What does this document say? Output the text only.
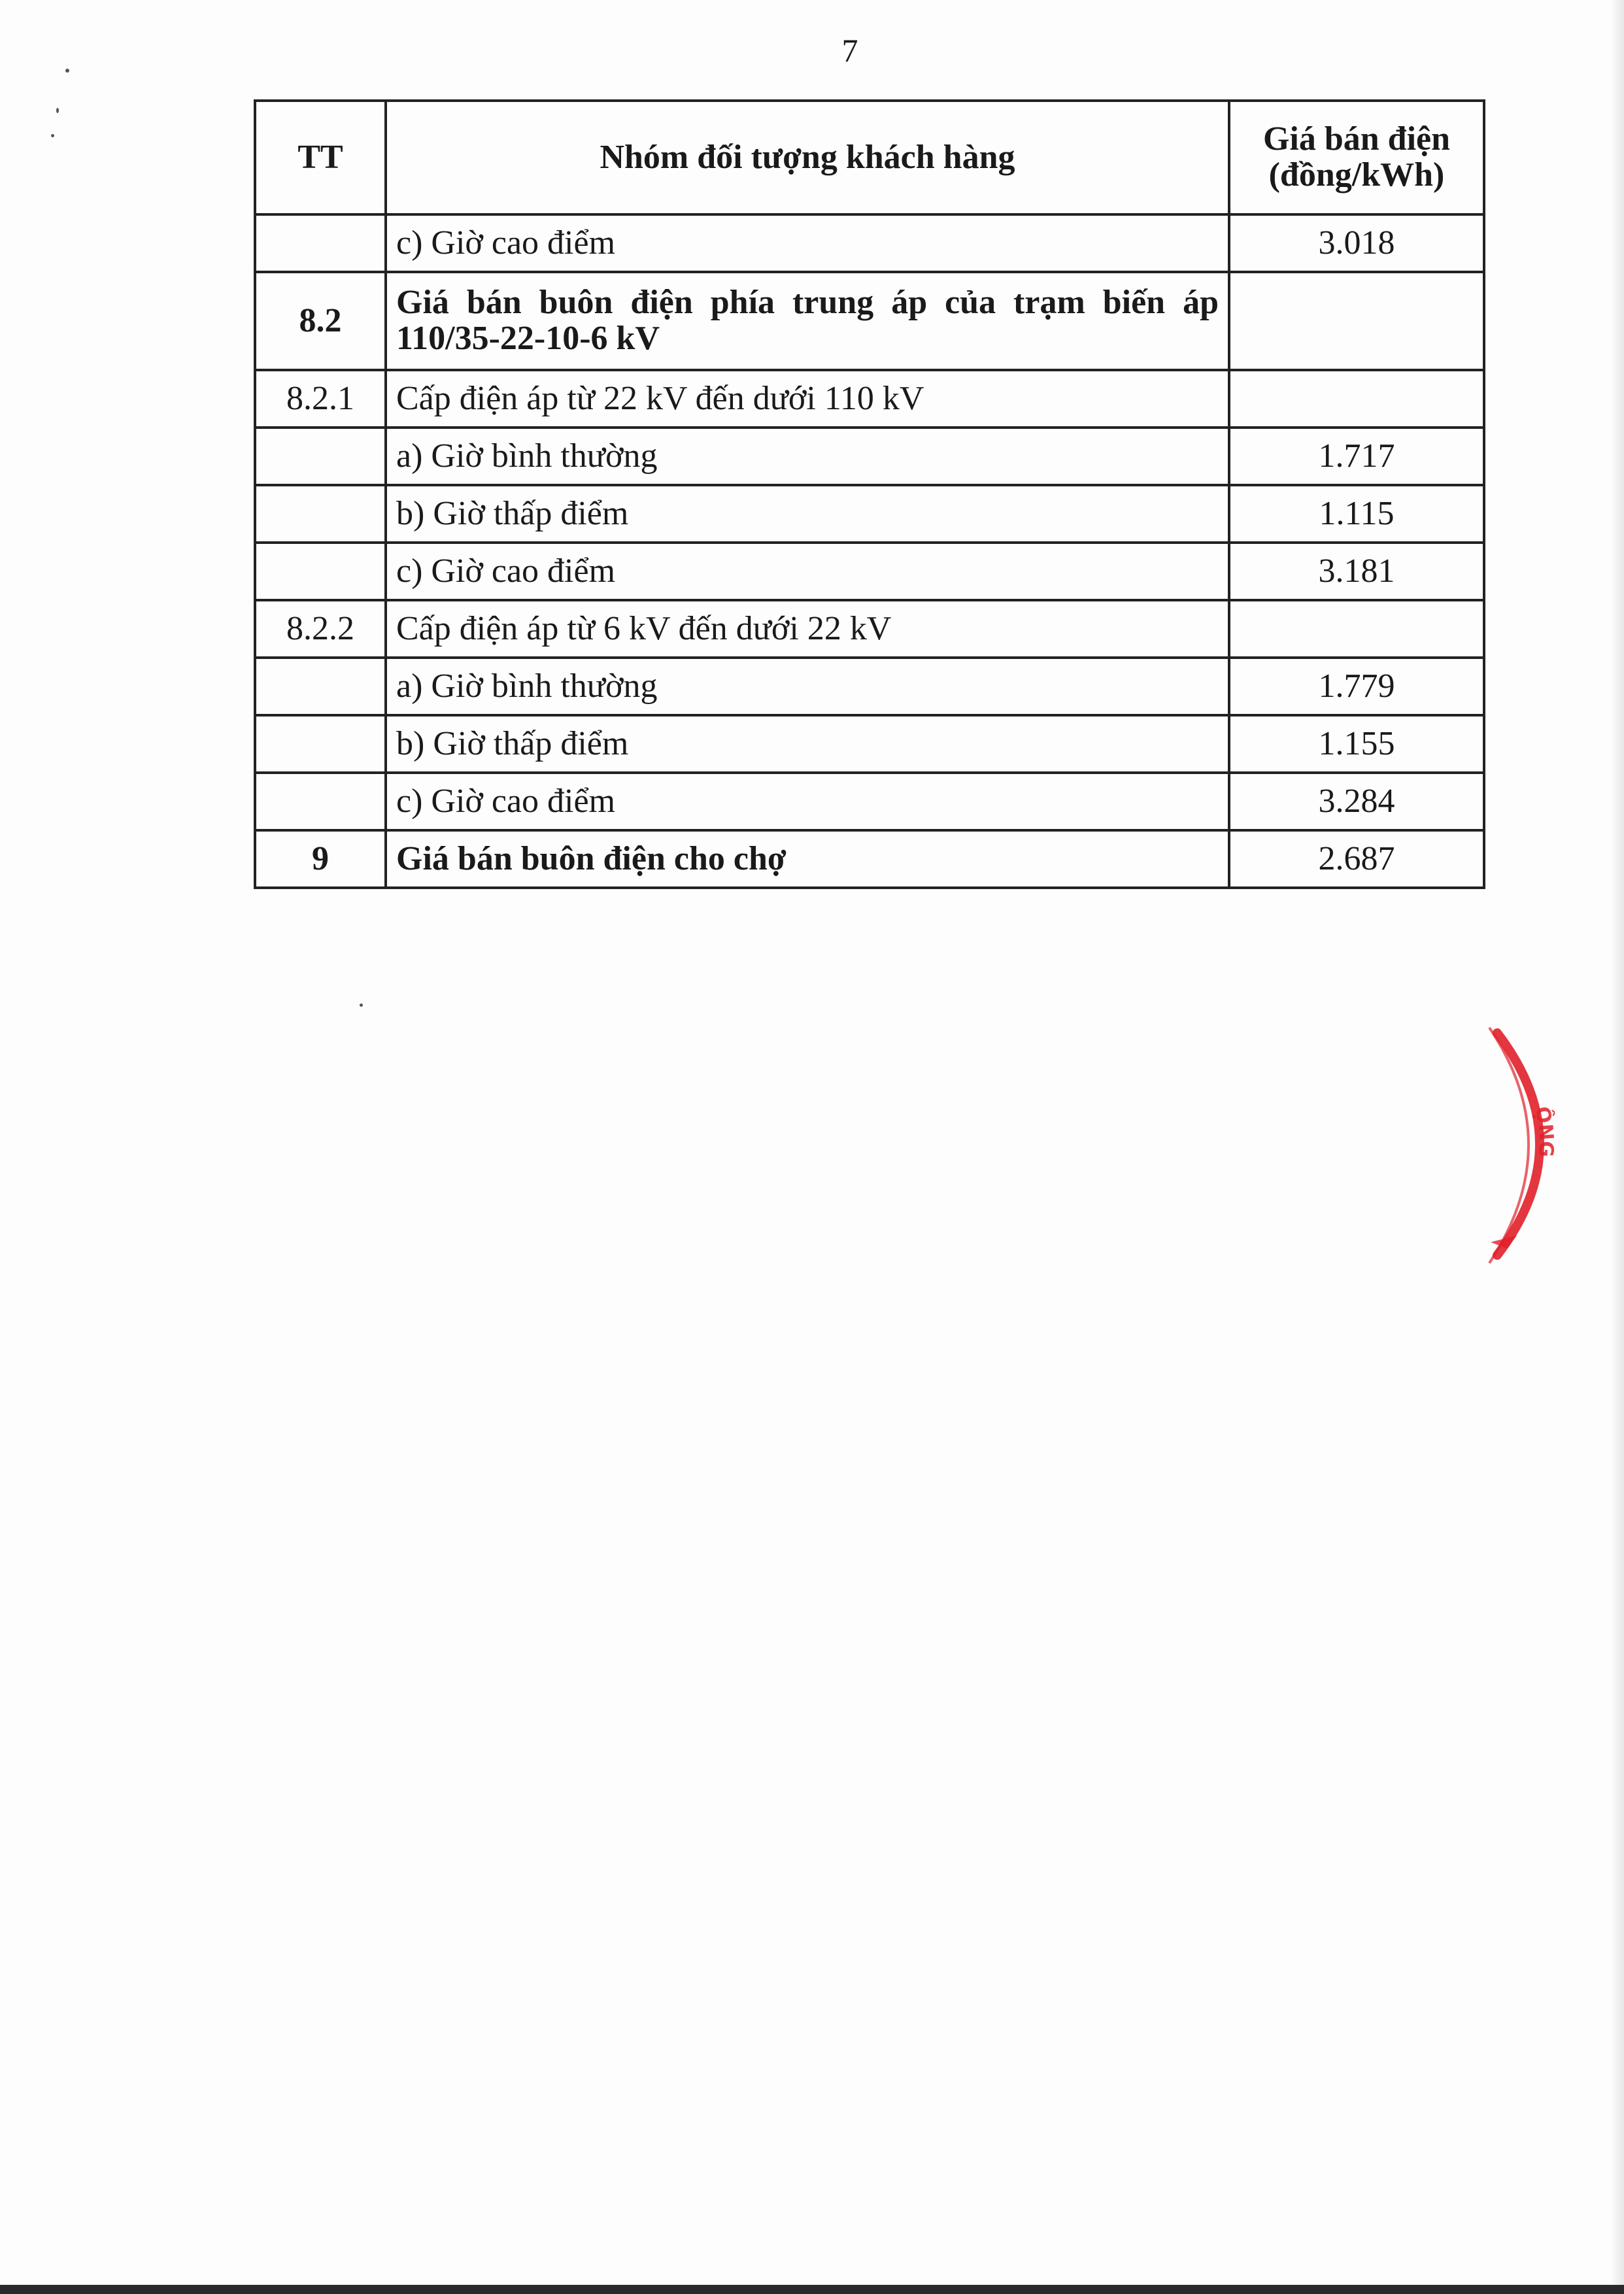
7
TT	Nhóm đối tượng khách hàng	Giá bán điện
(đồng/kWh)

	c) Giờ cao điểm	3.018
8.2	Giá bán buôn điện phía trung áp của trạm biến áp 110/35-22-10-6 kV	
8.2.1	Cấp điện áp từ 22 kV đến dưới 110 kV	
	a) Giờ bình thường	1.717
	b) Giờ thấp điểm	1.115
	c) Giờ cao điểm	3.181
8.2.2	Cấp điện áp từ 6 kV đến dưới 22 kV	
	a) Giờ bình thường	1.779
	b) Giờ thấp điểm	1.155
	c) Giờ cao điểm	3.284
9	Giá bán buôn điện cho chợ	2.687
ỘNG
